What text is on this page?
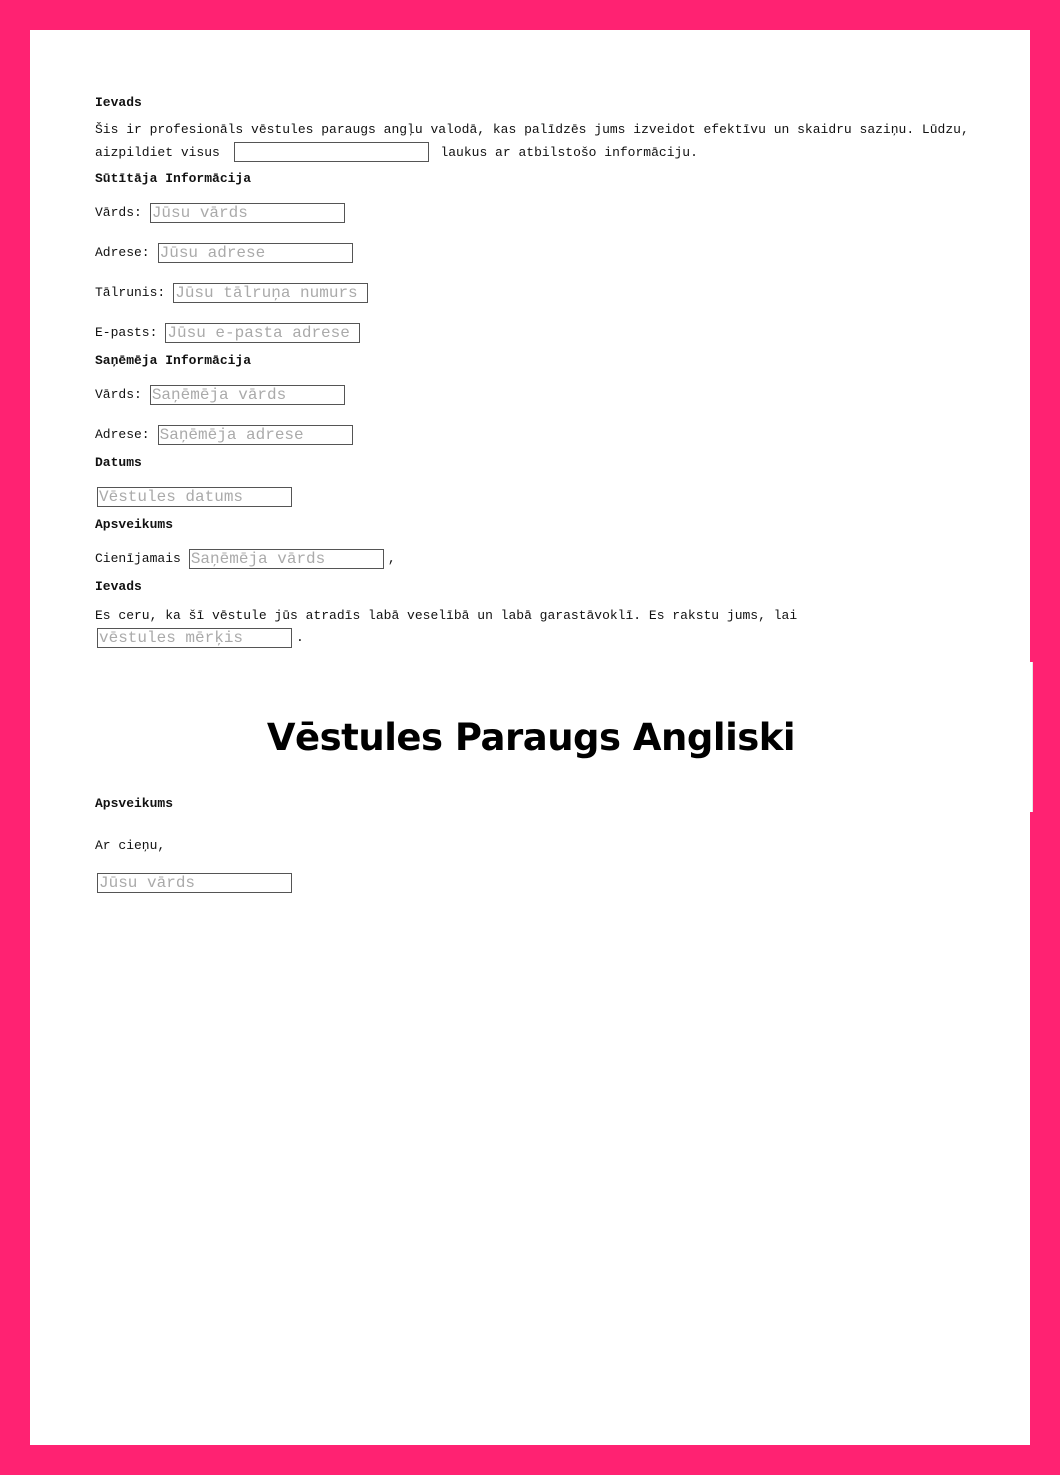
Ievads

Šis ir profesionāls vēstules paraugs angļu valodā, kas palīdzēs jums izveidot efektīvu un skaidru saziņu. Lūdzu, aizpildiet visus	laukus ar atbilstošo informāciju.

Sūtītāja Informācija
Vārds:
Jūsu vārds
Adrese:
Jūsu adrese
Tālrunis:
Jūsu tālruņa numurs
E-pasts:
Jūsu e-pasta adrese
Saņēmēja Informācija
Vārds:
Saņēmēja vārds
Adrese:
Saņēmēja adrese
Datums
Vēstules datums
Apsveikums
Cienījamais
Saņēmēja vārds	,
Ievads

Es ceru, ka šī vēstule jūs atradīs labā veselībā un labā garastāvoklī. Es rakstu jums, lai

vēstules mērķis
.
Vēstules Paraugs Angliski
Apsveikums

Ar cieņu,

Jūsu vārds
